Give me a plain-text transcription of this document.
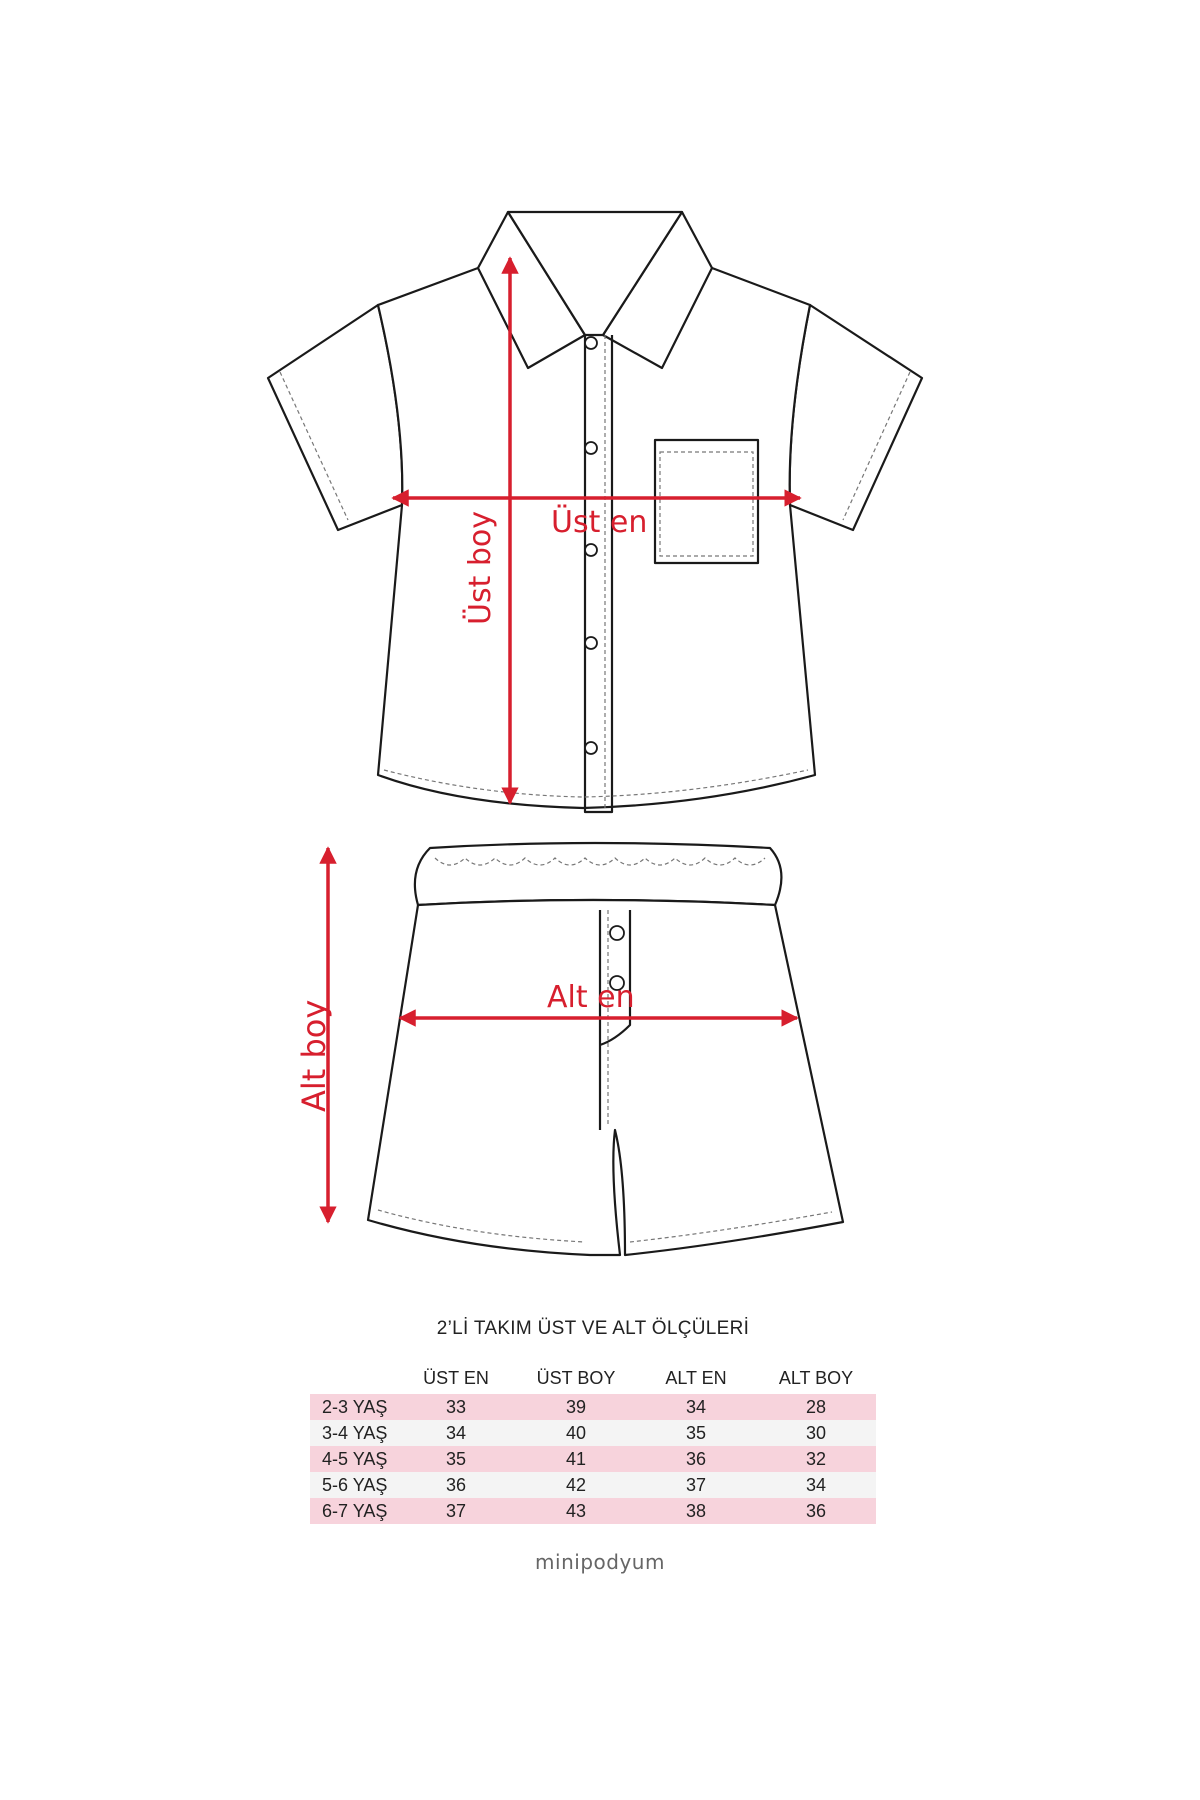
Üst en
Üst boy
Alt en
Alt boy
2’Lİ TAKIM ÜST VE ALT ÖLÇÜLERİ
	ÜST EN	ÜST BOY	ALT EN	ALT BOY
2-3 YAŞ	33	39	34	28
3-4 YAŞ	34	40	35	30
4-5 YAŞ	35	41	36	32
5-6 YAŞ	36	42	37	34
6-7 YAŞ	37	43	38	36
minipodyum
